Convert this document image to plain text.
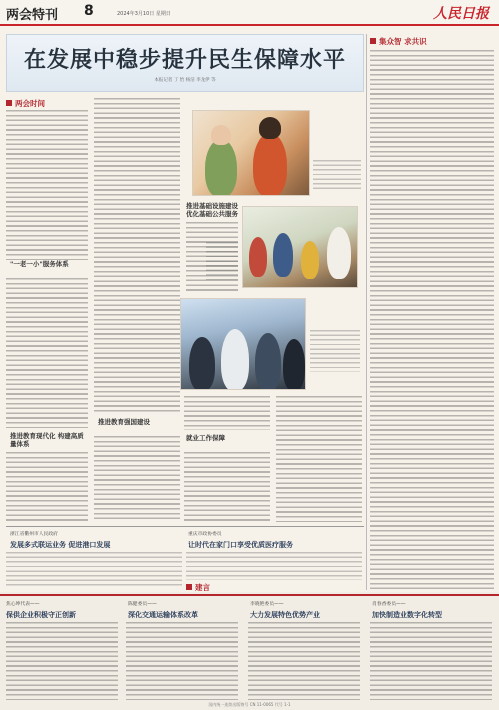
两会特刊 8	2024年3月10日 星期日	人民日报
在发展中稳步提升民生保障水平
本报记者 丁 怡 杨洁 李龙伊 等
两会时间
"一老一小"服务体系
推进教育现代化 构建高质量体系
推进教育强国建设
推进基础设施建设 优化基础公共服务
就业工作保障
集众智 求共识
浙江省衢州市人民政府
发展多式联运业务 促进港口发展
重庆市政协委员
让时代在家门口享受优质医疗服务
建言
焦心坤代表——
保供企业积极守正创新
陈健委员——
深化交通运输体系改革
李晓艳委员——
大力发展特色优势产业
肖春香委员——
加快制造业数字化转型
国内统一连续出版物号 CN 11-0065 代号 1-1
